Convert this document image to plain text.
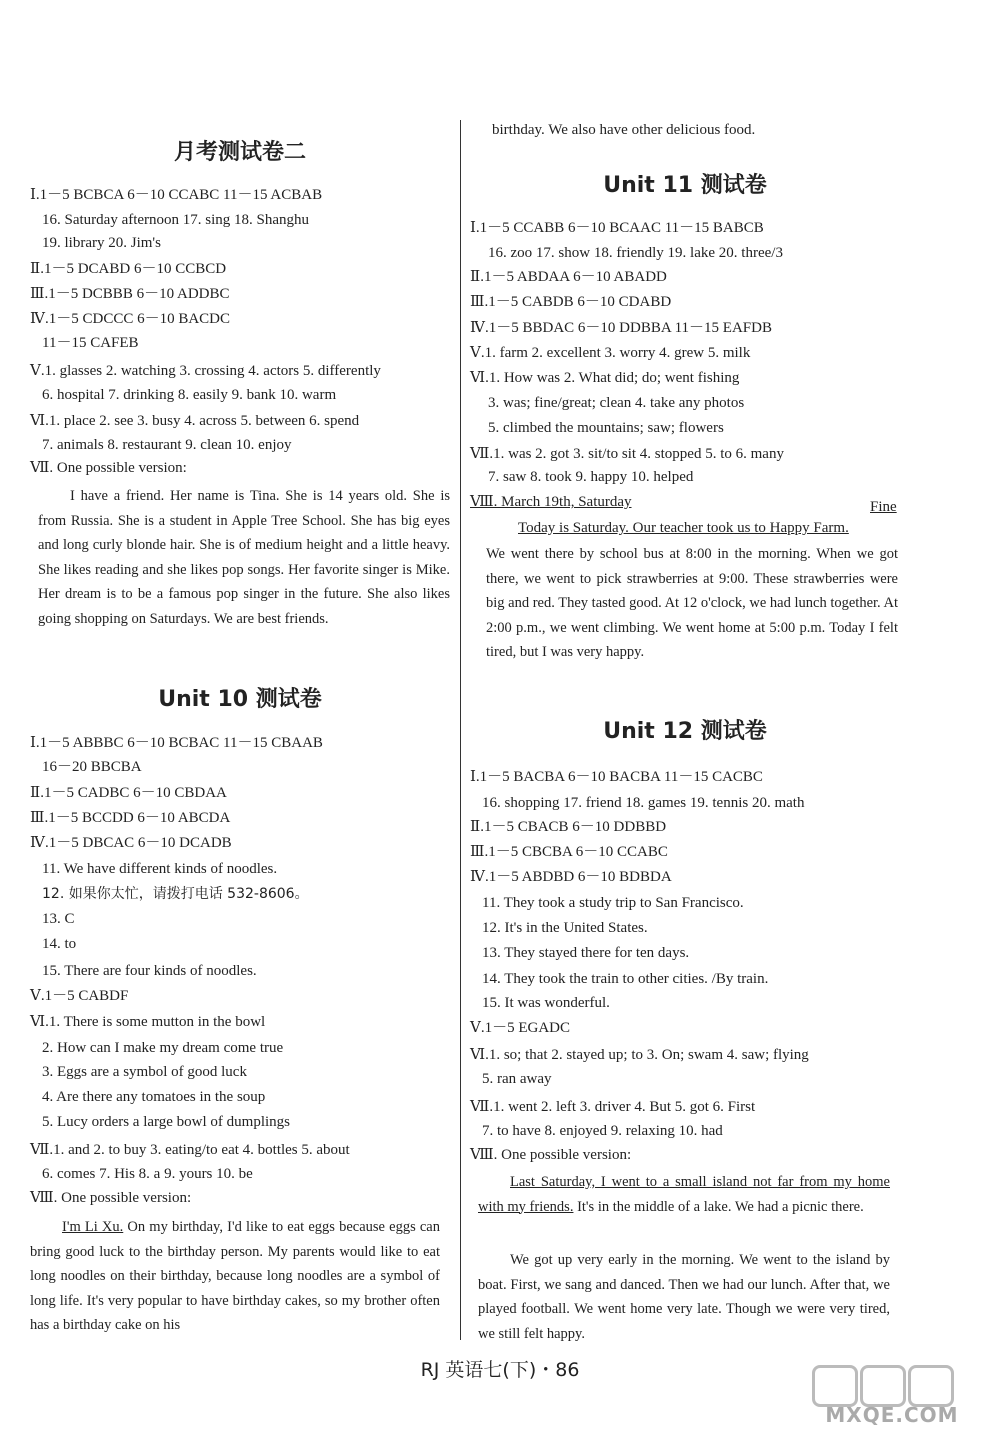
月考测试卷二
Ⅰ.1－5 BCBCA 6－10 CCABC 11－15 ACBAB
16. Saturday afternoon 17. sing 18. Shanghu
19. library 20. Jim's
Ⅱ.1－5 DCABD 6－10 CCBCD
Ⅲ.1－5 DCBBB 6－10 ADDBC
Ⅳ.1－5 CDCCC 6－10 BACDC
11－15 CAFEB
Ⅴ.1. glasses 2. watching 3. crossing 4. actors 5. differently
6. hospital 7. drinking 8. easily 9. bank 10. warm
Ⅵ.1. place 2. see 3. busy 4. across 5. between 6. spend
7. animals 8. restaurant 9. clean 10. enjoy
Ⅶ. One possible version:
I have a friend. Her name is Tina. She is 14 years old. She is from Russia. She is a student in Apple Tree School. She has big eyes and long curly blonde hair. She is of medium height and a little heavy. She likes reading and she likes pop songs. Her favorite singer is Mike. Her dream is to be a famous pop singer in the future. She also likes going shopping on Saturdays. We are best friends.
Unit 10 测试卷
Ⅰ.1－5 ABBBC 6－10 BCBAC 11－15 CBAAB
16－20 BBCBA
Ⅱ.1－5 CADBC 6－10 CBDAA
Ⅲ.1－5 BCCDD 6－10 ABCDA
Ⅳ.1－5 DBCAC 6－10 DCADB
11. We have different kinds of noodles.
12. 如果你太忙，请拨打电话 532-8606。
13. C
14. to
15. There are four kinds of noodles.
Ⅴ.1－5 CABDF
Ⅵ.1. There is some mutton in the bowl
2. How can I make my dream come true
3. Eggs are a symbol of good luck
4. Are there any tomatoes in the soup
5. Lucy orders a large bowl of dumplings
Ⅶ.1. and 2. to buy 3. eating/to eat 4. bottles 5. about
6. comes 7. His 8. a 9. yours 10. be
Ⅷ. One possible version:
I'm Li Xu. On my birthday, I'd like to eat eggs because eggs can bring good luck to the birthday person. My parents would like to eat long noodles on their birthday, because long noodles are a symbol of long life. It's very popular to have birthday cakes, so my brother often has a birthday cake on his
birthday. We also have other delicious food.
Unit 11 测试卷
Ⅰ.1－5 CCABB 6－10 BCAAC 11－15 BABCB
16. zoo 17. show 18. friendly 19. lake 20. three/3
Ⅱ.1－5 ABDAA 6－10 ABADD
Ⅲ.1－5 CABDB 6－10 CDABD
Ⅳ.1－5 BBDAC 6－10 DDBBA 11－15 EAFDB
Ⅴ.1. farm 2. excellent 3. worry 4. grew 5. milk
Ⅵ.1. How was 2. What did; do; went fishing
3. was; fine/great; clean 4. take any photos
5. climbed the mountains; saw; flowers
Ⅶ.1. was 2. got 3. sit/to sit 4. stopped 5. to 6. many
7. saw 8. took 9. happy 10. helped
Ⅷ. March 19th, Saturday	Fine
Today is Saturday. Our teacher took us to Happy Farm.
We went there by school bus at 8:00 in the morning. When we got there, we went to pick strawberries at 9:00. These strawberries were big and red. They tasted good. At 12 o'clock, we had lunch together. At 2:00 p.m., we went climbing. We went home at 5:00 p.m. Today I felt tired, but I was very happy.
Unit 12 测试卷
Ⅰ.1－5 BACBA 6－10 BACBA 11－15 CACBC
16. shopping 17. friend 18. games 19. tennis 20. math
Ⅱ.1－5 CBACB 6－10 DDBBD
Ⅲ.1－5 CBCBA 6－10 CCABC
Ⅳ.1－5 ABDBD 6－10 BDBDA
11. They took a study trip to San Francisco.
12. It's in the United States.
13. They stayed there for ten days.
14. They took the train to other cities. /By train.
15. It was wonderful.
Ⅴ.1－5 EGADC
Ⅵ.1. so; that 2. stayed up; to 3. On; swam 4. saw; flying
5. ran away
Ⅶ.1. went 2. left 3. driver 4. But 5. got 6. First
7. to have 8. enjoyed 9. relaxing 10. had
Ⅷ. One possible version:
Last Saturday, I went to a small island not far from my home with my friends. It's in the middle of a lake. We had a picnic there.
We got up very early in the morning. We went to the island by boat. First, we sang and danced. Then we had our lunch. After that, we played football. We went home very late. Though we were very tired, we still felt happy.
RJ 英语七(下)・86
MXQE.COM
